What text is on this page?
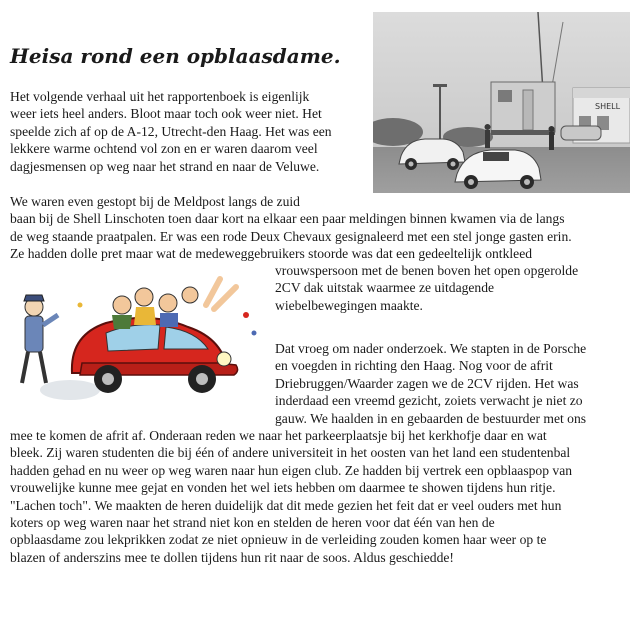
Heisa rond een opblaasdame.
Het volgende verhaal uit het rapportenboek is eigenlijk
weer iets heel anders. Bloot maar toch ook weer niet. Het
speelde zich af op de A-12, Utrecht-den Haag. Het was een
lekkere warme ochtend vol zon en er waren daarom veel
dagjesmensen op weg naar het strand en naar de Veluwe.
SHELL
We waren even gestopt bij de Meldpost langs de zuid
baan bij de Shell Linschoten toen daar kort na elkaar een paar meldingen binnen kwamen via de langs
de weg staande praatpalen. Er was een rode Deux Chevaux gesignaleerd met een stel jonge gasten erin.
Ze hadden dolle pret maar wat de medeweggebruikers stoorde was dat een gedeeltelijk ontkleed
vrouwspersoon met de benen boven het open opgerolde
2CV dak uitstak waarmee ze uitdagende
wiebelbewegingen maakte.
Dat vroeg om nader onderzoek. We stapten in de Porsche
en voegden in richting den Haag. Nog voor de afrit
Driebruggen/Waarder zagen we de 2CV rijden. Het was
inderdaad een vreemd gezicht, zoiets verwacht je niet zo
gauw. We haalden in en gebaarden de bestuurder met ons
mee te komen de afrit af. Onderaan reden we naar het parkeerplaatsje bij het kerkhofje daar en wat
bleek. Zij waren studenten die bij één of andere universiteit in het oosten van het land een studentenbal
hadden gehad en nu weer op weg waren naar hun eigen club. Ze hadden bij vertrek een opblaaspop van
vrouwelijke kunne mee gejat en vonden het wel iets hebben om daarmee te showen tijdens hun ritje.
"Lachen toch". We maakten de heren duidelijk dat dit mede gezien het feit dat er veel ouders met hun
koters op weg waren naar het strand niet kon en stelden de heren voor dat één van hen de
opblaasdame zou lekprikken zodat ze niet opnieuw in de verleiding zouden komen haar weer op te
blazen of anderszins mee te dollen tijdens hun rit naar de soos. Aldus geschiedde!
